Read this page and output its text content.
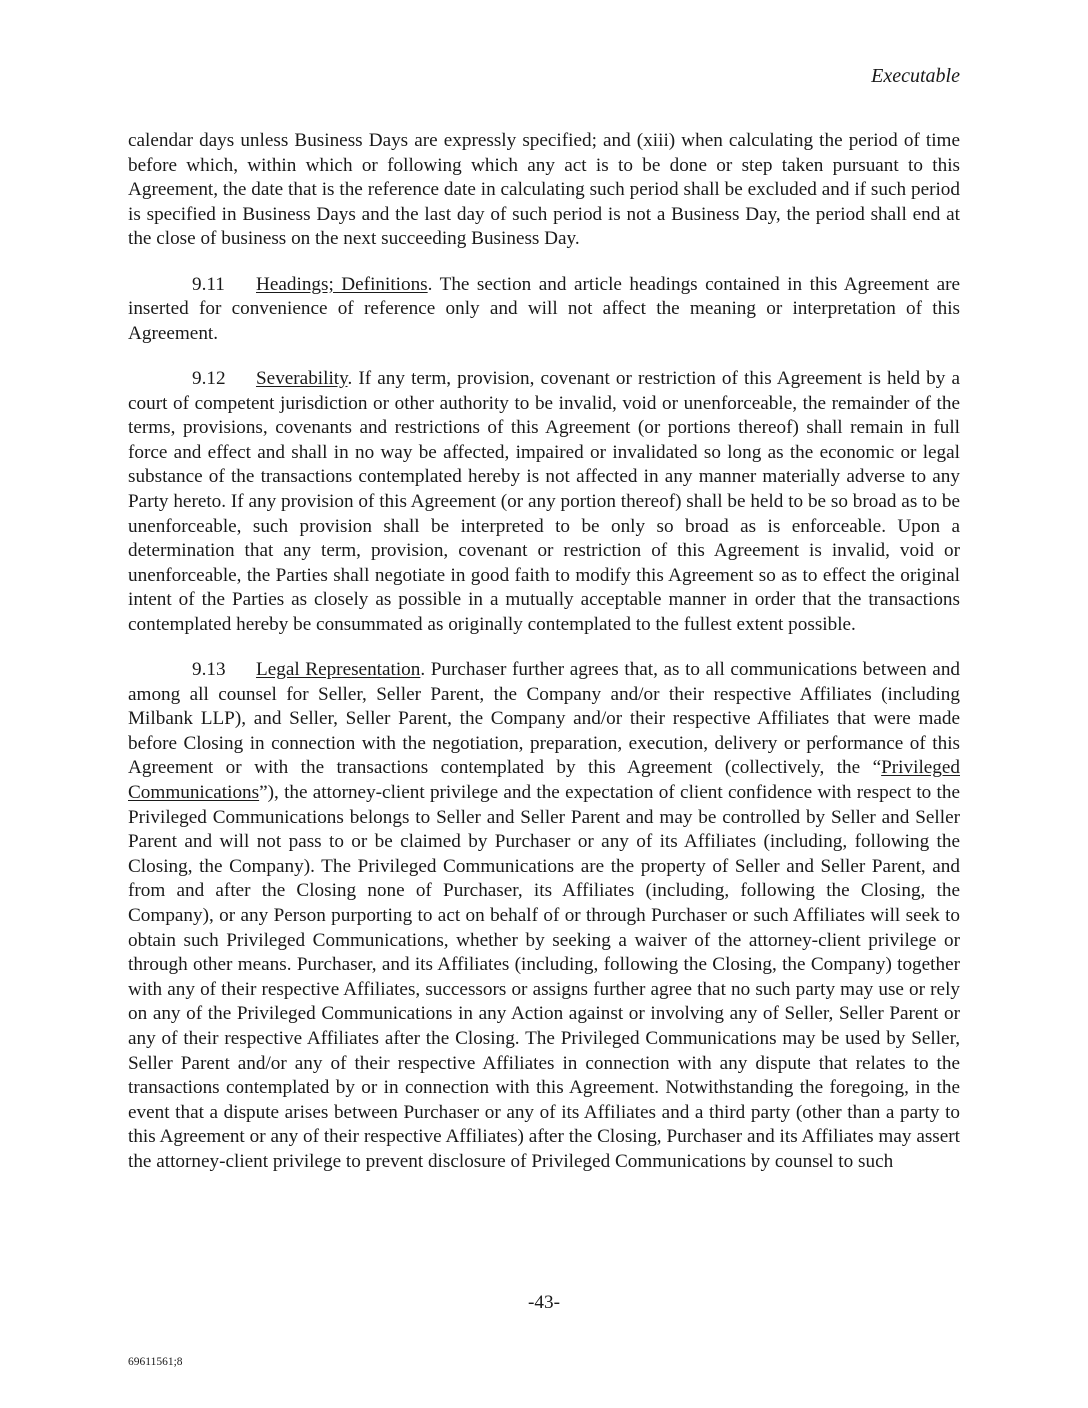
Executable

calendar days unless Business Days are expressly specified; and (xiii) when calculating the period of time before which, within which or following which any act is to be done or step taken pursuant to this Agreement, the date that is the reference date in calculating such period shall be excluded and if such period is specified in Business Days and the last day of such period is not a Business Day, the period shall end at the close of business on the next succeeding Business Day.

9.11 Headings; Definitions. The section and article headings contained in this Agreement are inserted for convenience of reference only and will not affect the meaning or interpretation of this Agreement.

9.12 Severability. If any term, provision, covenant or restriction of this Agreement is held by a court of competent jurisdiction or other authority to be invalid, void or unenforceable, the remainder of the terms, provisions, covenants and restrictions of this Agreement (or portions thereof) shall remain in full force and effect and shall in no way be affected, impaired or invalidated so long as the economic or legal substance of the transactions contemplated hereby is not affected in any manner materially adverse to any Party hereto. If any provision of this Agreement (or any portion thereof) shall be held to be so broad as to be unenforceable, such provision shall be interpreted to be only so broad as is enforceable. Upon a determination that any term, provision, covenant or restriction of this Agreement is invalid, void or unenforceable, the Parties shall negotiate in good faith to modify this Agreement so as to effect the original intent of the Parties as closely as possible in a mutually acceptable manner in order that the transactions contemplated hereby be consummated as originally contemplated to the fullest extent possible.

9.13 Legal Representation. Purchaser further agrees that, as to all communications between and among all counsel for Seller, Seller Parent, the Company and/or their respective Affiliates (including Milbank LLP), and Seller, Seller Parent, the Company and/or their respective Affiliates that were made before Closing in connection with the negotiation, preparation, execution, delivery or performance of this Agreement or with the transactions contemplated by this Agreement (collectively, the “Privileged Communications”), the attorney-client privilege and the expectation of client confidence with respect to the Privileged Communications belongs to Seller and Seller Parent and may be controlled by Seller and Seller Parent and will not pass to or be claimed by Purchaser or any of its Affiliates (including, following the Closing, the Company). The Privileged Communications are the property of Seller and Seller Parent, and from and after the Closing none of Purchaser, its Affiliates (including, following the Closing, the Company), or any Person purporting to act on behalf of or through Purchaser or such Affiliates will seek to obtain such Privileged Communications, whether by seeking a waiver of the attorney-client privilege or through other means. Purchaser, and its Affiliates (including, following the Closing, the Company) together with any of their respective Affiliates, successors or assigns further agree that no such party may use or rely on any of the Privileged Communications in any Action against or involving any of Seller, Seller Parent or any of their respective Affiliates after the Closing. The Privileged Communications may be used by Seller, Seller Parent and/or any of their respective Affiliates in connection with any dispute that relates to the transactions contemplated by or in connection with this Agreement. Notwithstanding the foregoing, in the event that a dispute arises between Purchaser or any of its Affiliates and a third party (other than a party to this Agreement or any of their respective Affiliates) after the Closing, Purchaser and its Affiliates may assert the attorney-client privilege to prevent disclosure of Privileged Communications by counsel to such

-43-
69611561;8
